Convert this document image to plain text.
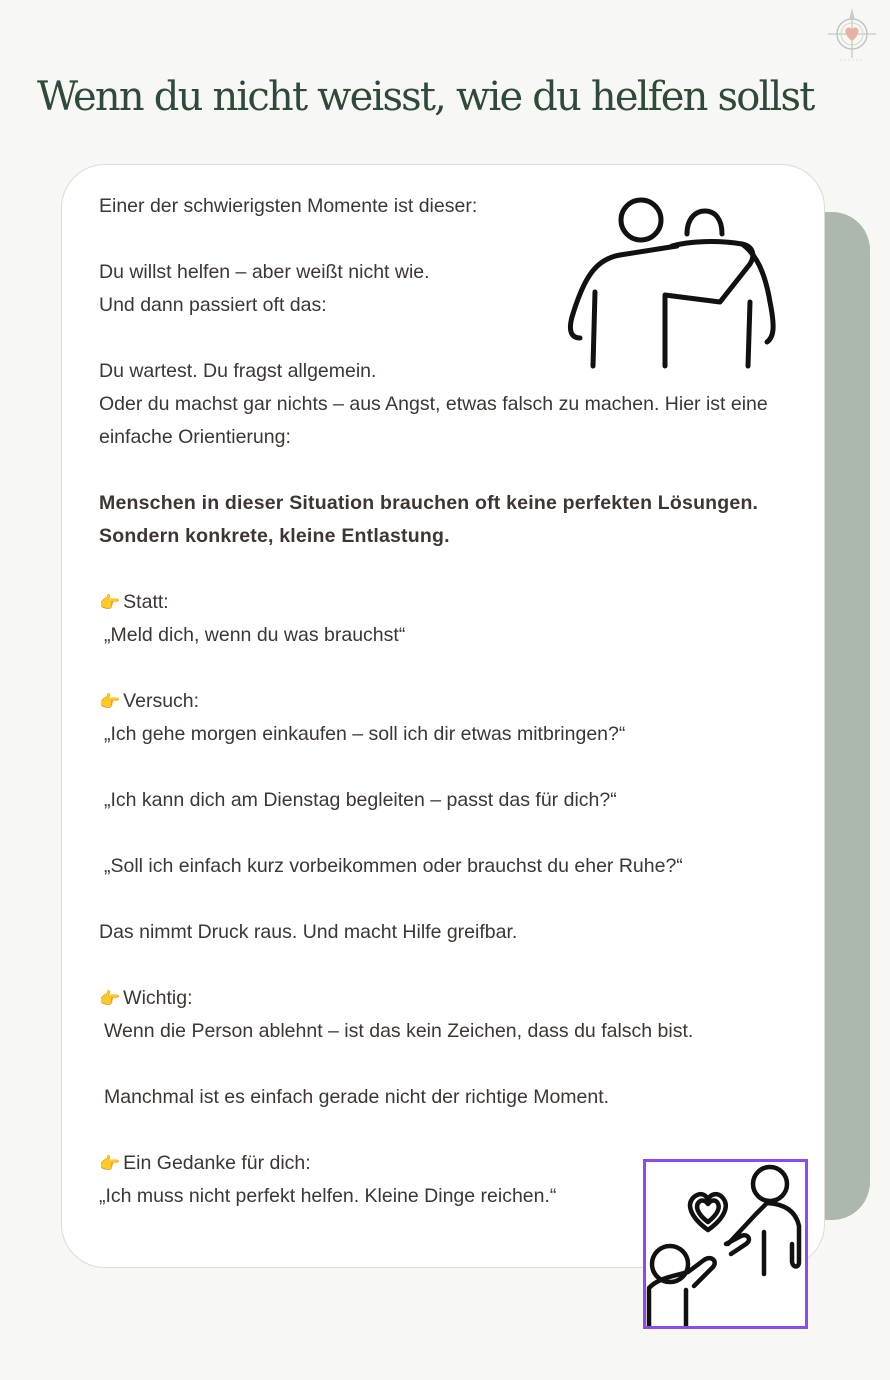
Wenn du nicht weisst, wie du helfen sollst

Einer der schwierigsten Momente ist dieser:

Du willst helfen – aber weißt nicht wie.
Und dann passiert oft das:

Du wartest. Du fragst allgemein.
Oder du machst gar nichts – aus Angst, etwas falsch zu machen. Hier ist eine einfache Orientierung:

Menschen in dieser Situation brauchen oft keine perfekten Lösungen. Sondern konkrete, kleine Entlastung.

👉 Statt:
„Meld dich, wenn du was brauchst“

👉 Versuch:
„Ich gehe morgen einkaufen – soll ich dir etwas mitbringen?“

„Ich kann dich am Dienstag begleiten – passt das für dich?“

„Soll ich einfach kurz vorbeikommen oder brauchst du eher Ruhe?“

Das nimmt Druck raus. Und macht Hilfe greifbar.

👉 Wichtig:
Wenn die Person ablehnt – ist das kein Zeichen, dass du falsch bist.

Manchmal ist es einfach gerade nicht der richtige Moment.

👉 Ein Gedanke für dich:
„Ich muss nicht perfekt helfen. Kleine Dinge reichen.“
